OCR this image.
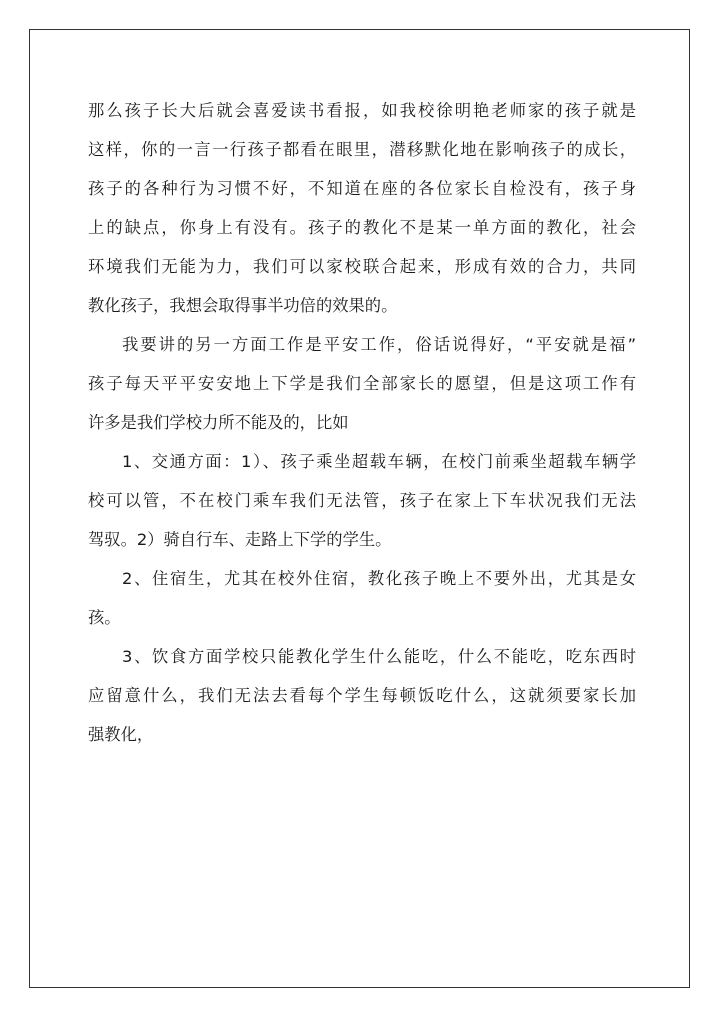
那么孩子长大后就会喜爱读书看报，如我校徐明艳老师家的孩子就是
这样，你的一言一行孩子都看在眼里，潜移默化地在影响孩子的成长，
孩子的各种行为习惯不好，不知道在座的各位家长自检没有，孩子身
上的缺点，你身上有没有。孩子的教化不是某一单方面的教化，社会
环境我们无能为力，我们可以家校联合起来，形成有效的合力，共同
教化孩子，我想会取得事半功倍的效果的。
我要讲的另一方面工作是平安工作，俗话说得好，“平安就是福”
孩子每天平平安安地上下学是我们全部家长的愿望，但是这项工作有
许多是我们学校力所不能及的，比如
1、交通方面：1）、孩子乘坐超载车辆，在校门前乘坐超载车辆学
校可以管，不在校门乘车我们无法管，孩子在家上下车状况我们无法
驾驭。2）骑自行车、走路上下学的学生。
2、住宿生，尤其在校外住宿，教化孩子晚上不要外出，尤其是女
孩。
3、饮食方面学校只能教化学生什么能吃，什么不能吃，吃东西时
应留意什么，我们无法去看每个学生每顿饭吃什么，这就须要家长加
强教化，
